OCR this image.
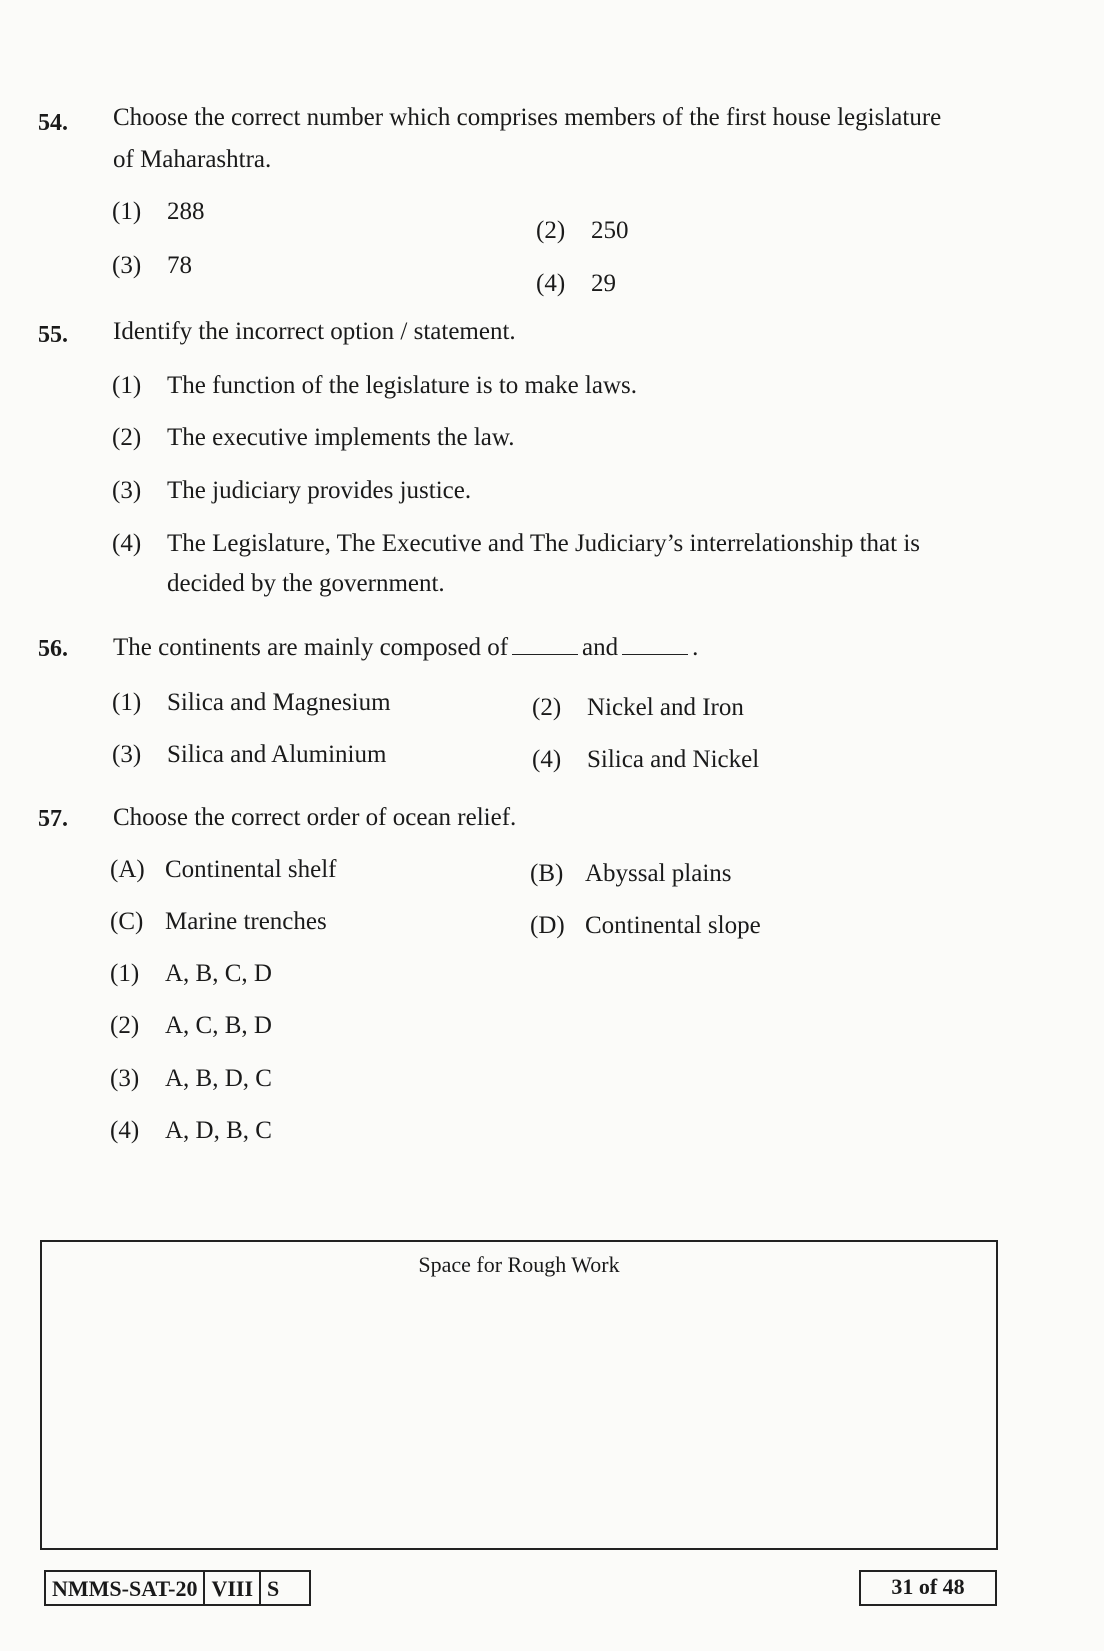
54. Choose the correct number which comprises members of the first house legislature
of Maharashtra.
(1) 288
(2) 250
(3) 78
(4) 29
55. Identify the incorrect option / statement.
(1) The function of the legislature is to make laws.
(2) The executive implements the law.
(3) The judiciary provides justice.
(4) The Legislature, The Executive and The Judiciary’s interrelationship that is
decided by the government.
56. The continents are mainly composed of	and	.
(1) Silica and Magnesium	(2) Nickel and Iron
(3) Silica and Aluminium	(4) Silica and Nickel
57. Choose the correct order of ocean relief.
(A) Continental shelf	(B) Abyssal plains
(C) Marine trenches	(D) Continental slope
(1) A, B, C, D
(2) A, C, B, D
(3) A, B, D, C
(4) A, D, B, C
Space for Rough Work
NMMS-SAT-20 VIII S	31 of 48
